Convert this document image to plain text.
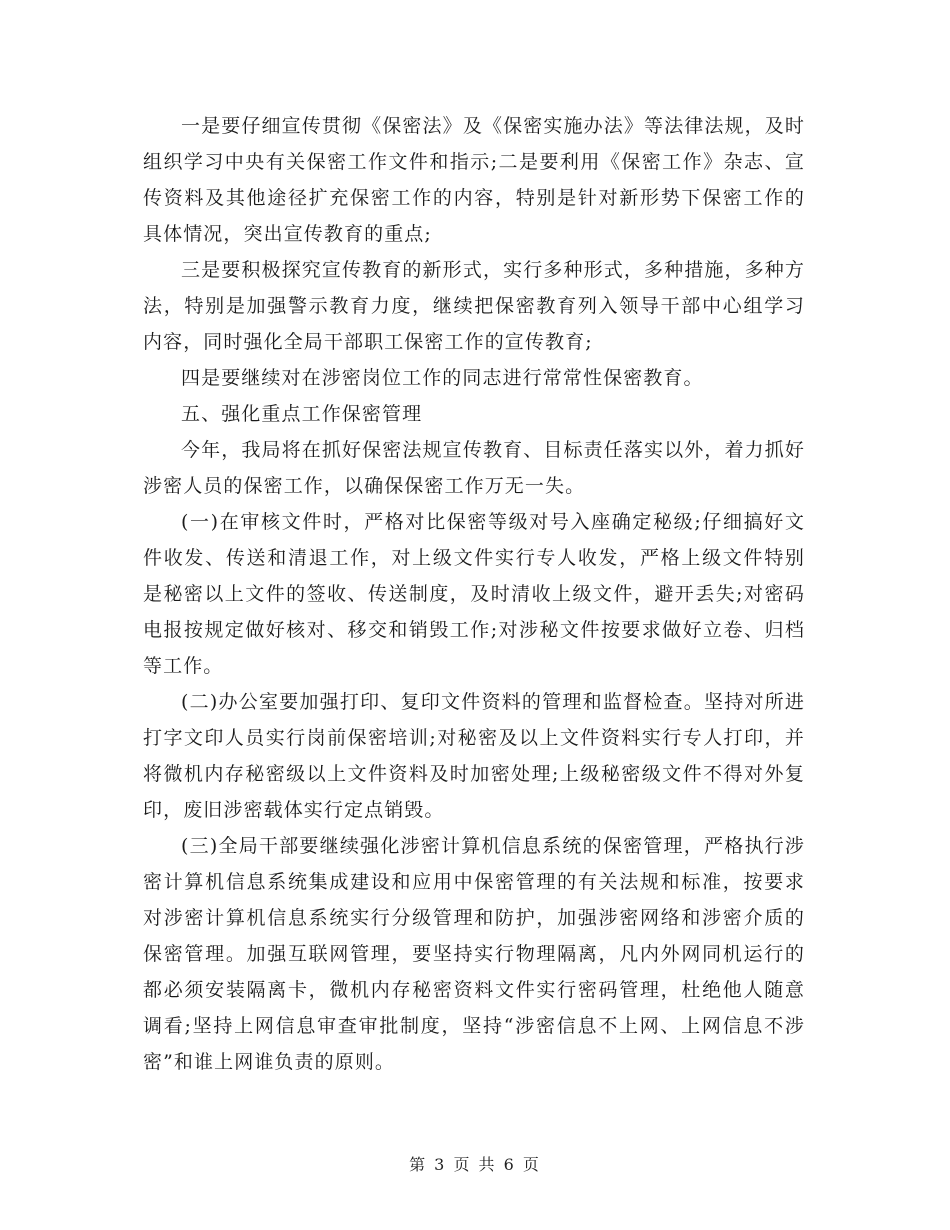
一是要仔细宣传贯彻《保密法》及《保密实施办法》等法律法规，及时组织学习中央有关保密工作文件和指示;二是要利用《保密工作》杂志、宣传资料及其他途径扩充保密工作的内容，特别是针对新形势下保密工作的具体情况，突出宣传教育的重点;

三是要积极探究宣传教育的新形式，实行多种形式，多种措施，多种方法，特别是加强警示教育力度，继续把保密教育列入领导干部中心组学习内容，同时强化全局干部职工保密工作的宣传教育;

四是要继续对在涉密岗位工作的同志进行常常性保密教育。

五、强化重点工作保密管理

今年，我局将在抓好保密法规宣传教育、目标责任落实以外，着力抓好涉密人员的保密工作，以确保保密工作万无一失。

(一)在审核文件时，严格对比保密等级对号入座确定秘级;仔细搞好文件收发、传送和清退工作，对上级文件实行专人收发，严格上级文件特别是秘密以上文件的签收、传送制度，及时清收上级文件，避开丢失;对密码电报按规定做好核对、移交和销毁工作;对涉秘文件按要求做好立卷、归档等工作。

(二)办公室要加强打印、复印文件资料的管理和监督检查。坚持对所进打字文印人员实行岗前保密培训;对秘密及以上文件资料实行专人打印，并将微机内存秘密级以上文件资料及时加密处理;上级秘密级文件不得对外复印，废旧涉密载体实行定点销毁。

(三)全局干部要继续强化涉密计算机信息系统的保密管理，严格执行涉密计算机信息系统集成建设和应用中保密管理的有关法规和标准，按要求对涉密计算机信息系统实行分级管理和防护，加强涉密网络和涉密介质的保密管理。加强互联网管理，要坚持实行物理隔离，凡内外网同机运行的都必须安装隔离卡，微机内存秘密资料文件实行密码管理，杜绝他人随意调看;坚持上网信息审查审批制度，坚持“涉密信息不上网、上网信息不涉密”和谁上网谁负责的原则。

第 3 页 共 6 页
